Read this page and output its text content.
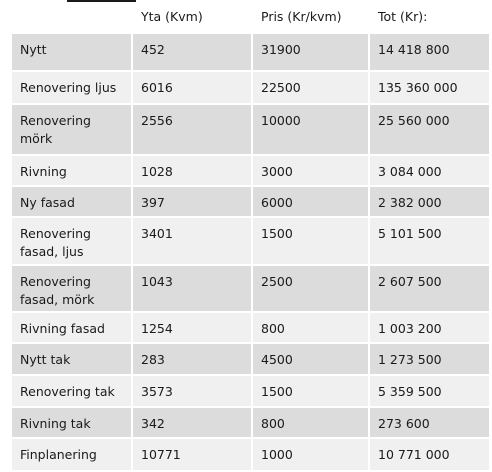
	Yta (Kvm)	Pris (Kr/kvm)	Tot (Kr):
Nytt	452	31900	14 418 800
Renovering ljus	6016	22500	135 360 000
Renovering mörk	2556	10000	25 560 000
Rivning	1028	3000	3 084 000
Ny fasad	397	6000	2 382 000
Renovering fasad, ljus	3401	1500	5 101 500
Renovering fasad, mörk	1043	2500	2 607 500
Rivning fasad	1254	800	1 003 200
Nytt tak	283	4500	1 273 500
Renovering tak	3573	1500	5 359 500
Rivning tak	342	800	273 600
Finplanering	10771	1000	10 771 000
